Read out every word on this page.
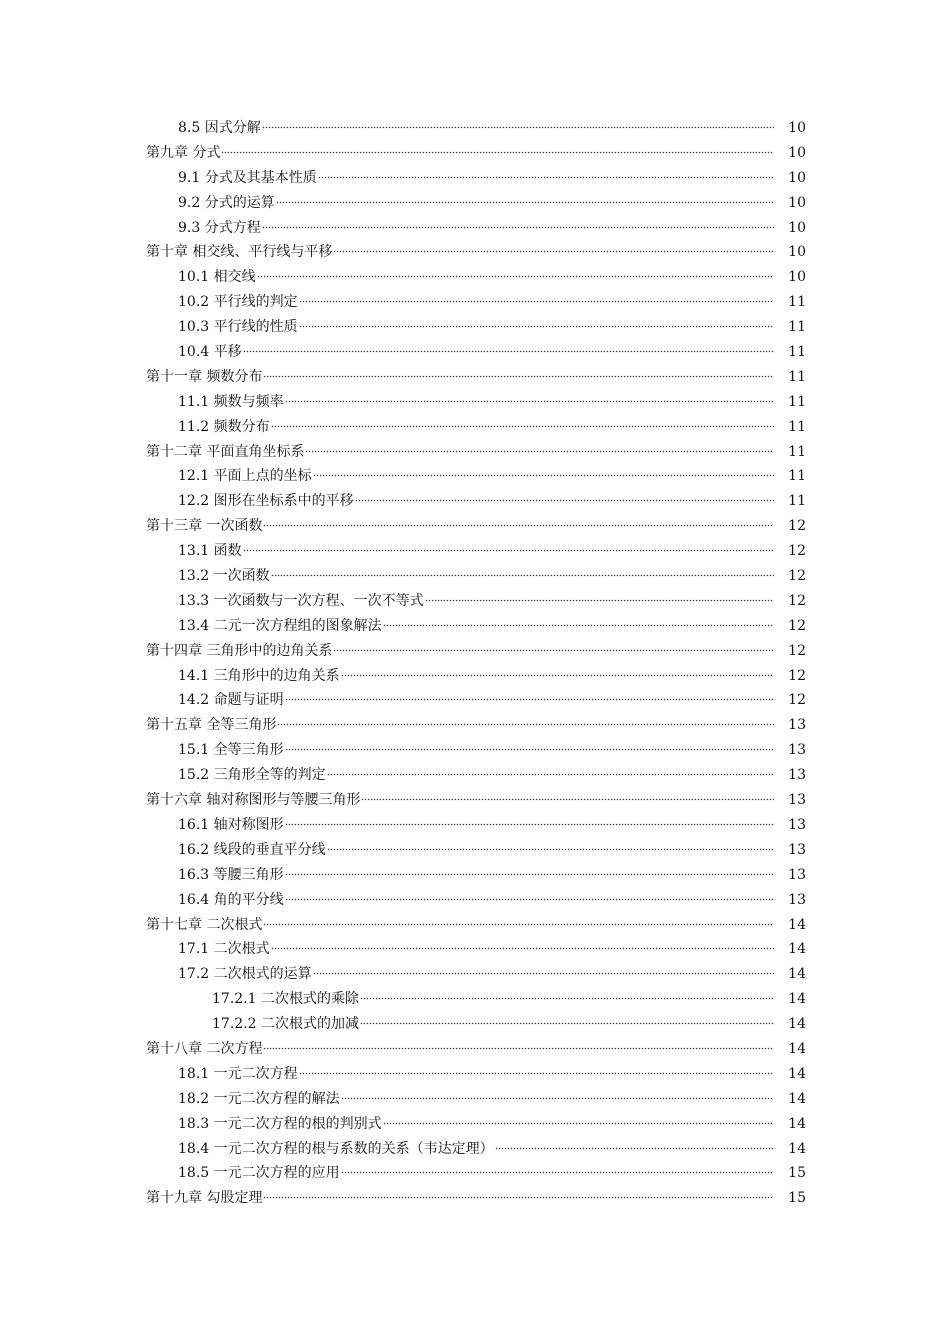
8.5 因式分解	10
第九章 分式	10
9.1 分式及其基本性质	10
9.2 分式的运算	10
9.3 分式方程	10
第十章 相交线、平行线与平移	10
10.1 相交线	10
10.2 平行线的判定	11
10.3 平行线的性质	11
10.4 平移	11
第十一章 频数分布	11
11.1 频数与频率	11
11.2 频数分布	11
第十二章 平面直角坐标系	11
12.1 平面上点的坐标	11
12.2 图形在坐标系中的平移	11
第十三章 一次函数	12
13.1 函数	12
13.2 一次函数	12
13.3 一次函数与一次方程、一次不等式	12
13.4 二元一次方程组的图象解法	12
第十四章 三角形中的边角关系	12
14.1 三角形中的边角关系	12
14.2 命题与证明	12
第十五章 全等三角形	13
15.1 全等三角形	13
15.2 三角形全等的判定	13
第十六章 轴对称图形与等腰三角形	13
16.1 轴对称图形	13
16.2 线段的垂直平分线	13
16.3 等腰三角形	13
16.4 角的平分线	13
第十七章 二次根式	14
17.1 二次根式	14
17.2 二次根式的运算	14
17.2.1 二次根式的乘除	14
17.2.2 二次根式的加减	14
第十八章 二次方程	14
18.1 一元二次方程	14
18.2 一元二次方程的解法	14
18.3 一元二次方程的根的判别式	14
18.4 一元二次方程的根与系数的关系（韦达定理）	14
18.5 一元二次方程的应用	15
第十九章 勾股定理	15
